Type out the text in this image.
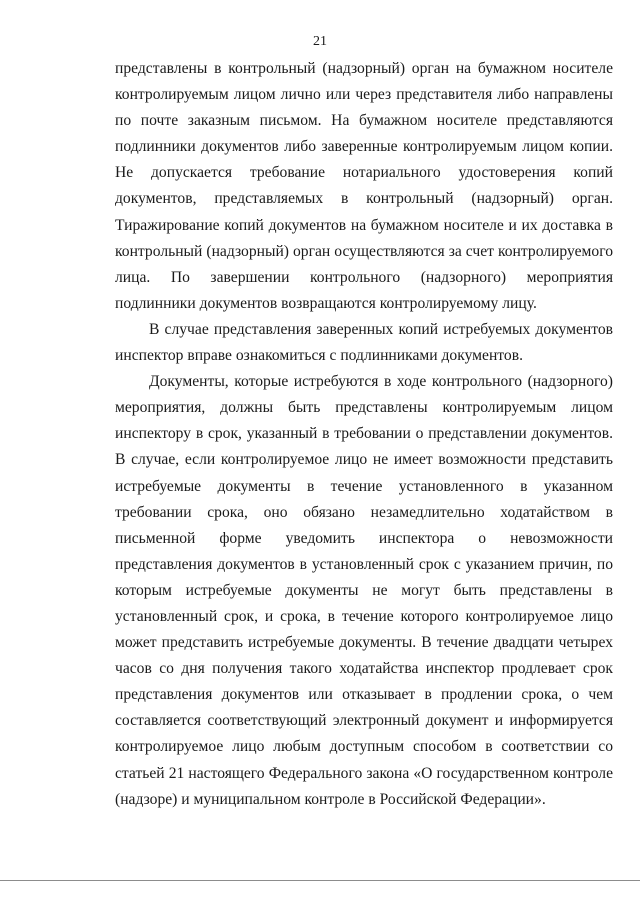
21

представлены в контрольный (надзорный) орган на бумажном носителе контролируемым лицом лично или через представителя либо направлены по почте заказным письмом. На бумажном носителе представляются подлинники документов либо заверенные контролируемым лицом копии. Не допускается требование нотариального удостоверения копий документов, представляемых в контрольный (надзорный) орган. Тиражирование копий документов на бумажном носителе и их доставка в контрольный (надзорный) орган осуществляются за счет контролируемого лица. По завершении контрольного (надзорного) мероприятия подлинники документов возвращаются контролируемому лицу.

В случае представления заверенных копий истребуемых документов инспектор вправе ознакомиться с подлинниками документов.

Документы, которые истребуются в ходе контрольного (надзорного) мероприятия, должны быть представлены контролируемым лицом инспектору в срок, указанный в требовании о представлении документов. В случае, если контролируемое лицо не имеет возможности представить истребуемые документы в течение установленного в указанном требовании срока, оно обязано незамедлительно ходатайством в письменной форме уведомить инспектора о невозможности представления документов в установленный срок с указанием причин, по которым истребуемые документы не могут быть представлены в установленный срок, и срока, в течение которого контролируемое лицо может представить истребуемые документы. В течение двадцати четырех часов со дня получения такого ходатайства инспектор продлевает срок представления документов или отказывает в продлении срока, о чем составляется соответствующий электронный документ и информируется контролируемое лицо любым доступным способом в соответствии со статьей 21 настоящего Федерального закона «О государственном контроле (надзоре) и муниципальном контроле в Российской Федерации».
